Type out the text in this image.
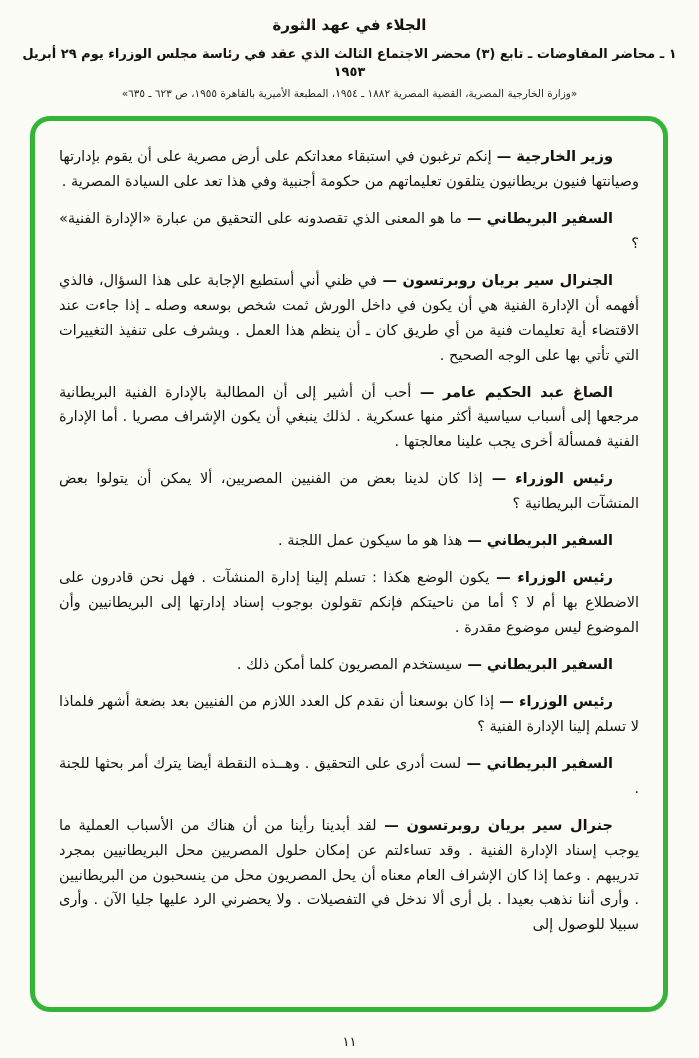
الجلاء في عهد الثورة
١ ـ محاضر المفاوضات ـ تابع (٣) محضر الاجتماع الثالث الذي عقد في رئاسة مجلس الوزراء يوم ٢٩ أبريل ١٩٥٣
«وزارة الخارجية المصرية، القضية المصرية ١٨٨٢ ـ ١٩٥٤، المطبعة الأميرية بالقاهرة ١٩٥٥، ص ٦٢٣ ـ ٦٣٥»

وزير الخارجية — إنكم ترغبون في استبقاء معداتكم على أرض مصرية على أن يقوم بإدارتها وصيانتها فنيون بريطانيون يتلقون تعليماتهم من حكومة أجنبية وفي هذا تعد على السيادة المصرية .

السفير البريطاني — ما هو المعنى الذي تقصدونه على التحقيق من عبارة «الإدارة الفنية» ؟

الجنرال سير بريان روبرتسون — في ظني أني أستطيع الإجابة على هذا السؤال، فالذي أفهمه أن الإدارة الفنية هي أن يكون في داخل الورش ثمت شخص بوسعه وصله ـ إذا جاءت عند الاقتضاء أية تعليمات فنية من أي طريق كان ـ أن ينظم هذا العمل . ويشرف على تنفيذ التغييرات التي تأتي بها على الوجه الصحيح .

الصاغ عبد الحكيم عامر — أحب أن أشير إلى أن المطالبة بالإدارة الفنية البريطانية مرجعها إلى أسباب سياسية أكثر منها عسكرية . لذلك ينبغي أن يكون الإشراف مصريا . أما الإدارة الفنية فمسألة أخرى يجب علينا معالجتها .

رئيس الوزراء — إذا كان لدينا بعض من الفنيين المصريين، ألا يمكن أن يتولوا بعض المنشآت البريطانية ؟

السفير البريطاني — هذا هو ما سيكون عمل اللجنة .

رئيس الوزراء — يكون الوضع هكذا : تسلم إلينا إدارة المنشآت . فهل نحن قادرون على الاضطلاع بها أم لا ؟ أما من ناحيتكم فإنكم تقولون بوجوب إسناد إدارتها إلى البريطانيين وأن الموضوع ليس موضوع مقدرة .

السفير البريطاني — سيستخدم المصريون كلما أمكن ذلك .

رئيس الوزراء — إذا كان بوسعنا أن نقدم كل العدد اللازم من الفنيين بعد بضعة أشهر فلماذا لا تسلم إلينا الإدارة الفنية ؟

السفير البريطاني — لست أدرى على التحقيق . وهــذه النقطة أيضا يترك أمر بحثها للجنة .

جنرال سير بريان روبرتسون — لقد أبدينا رأينا من أن هناك من الأسباب العملية ما يوجب إسناد الإدارة الفنية . وقد تساءلتم عن إمكان حلول المصريين محل البريطانيين بمجرد تدريبهم . وعما إذا كان الإشراف العام معناه أن يحل المصريون محل من ينسحبون من البريطانيين . وأرى أننا نذهب بعيدا . بل أرى ألا ندخل في التفصيلات . ولا يحضرني الرد عليها جليا الآن . وأرى سبيلا للوصول إلى

١١
